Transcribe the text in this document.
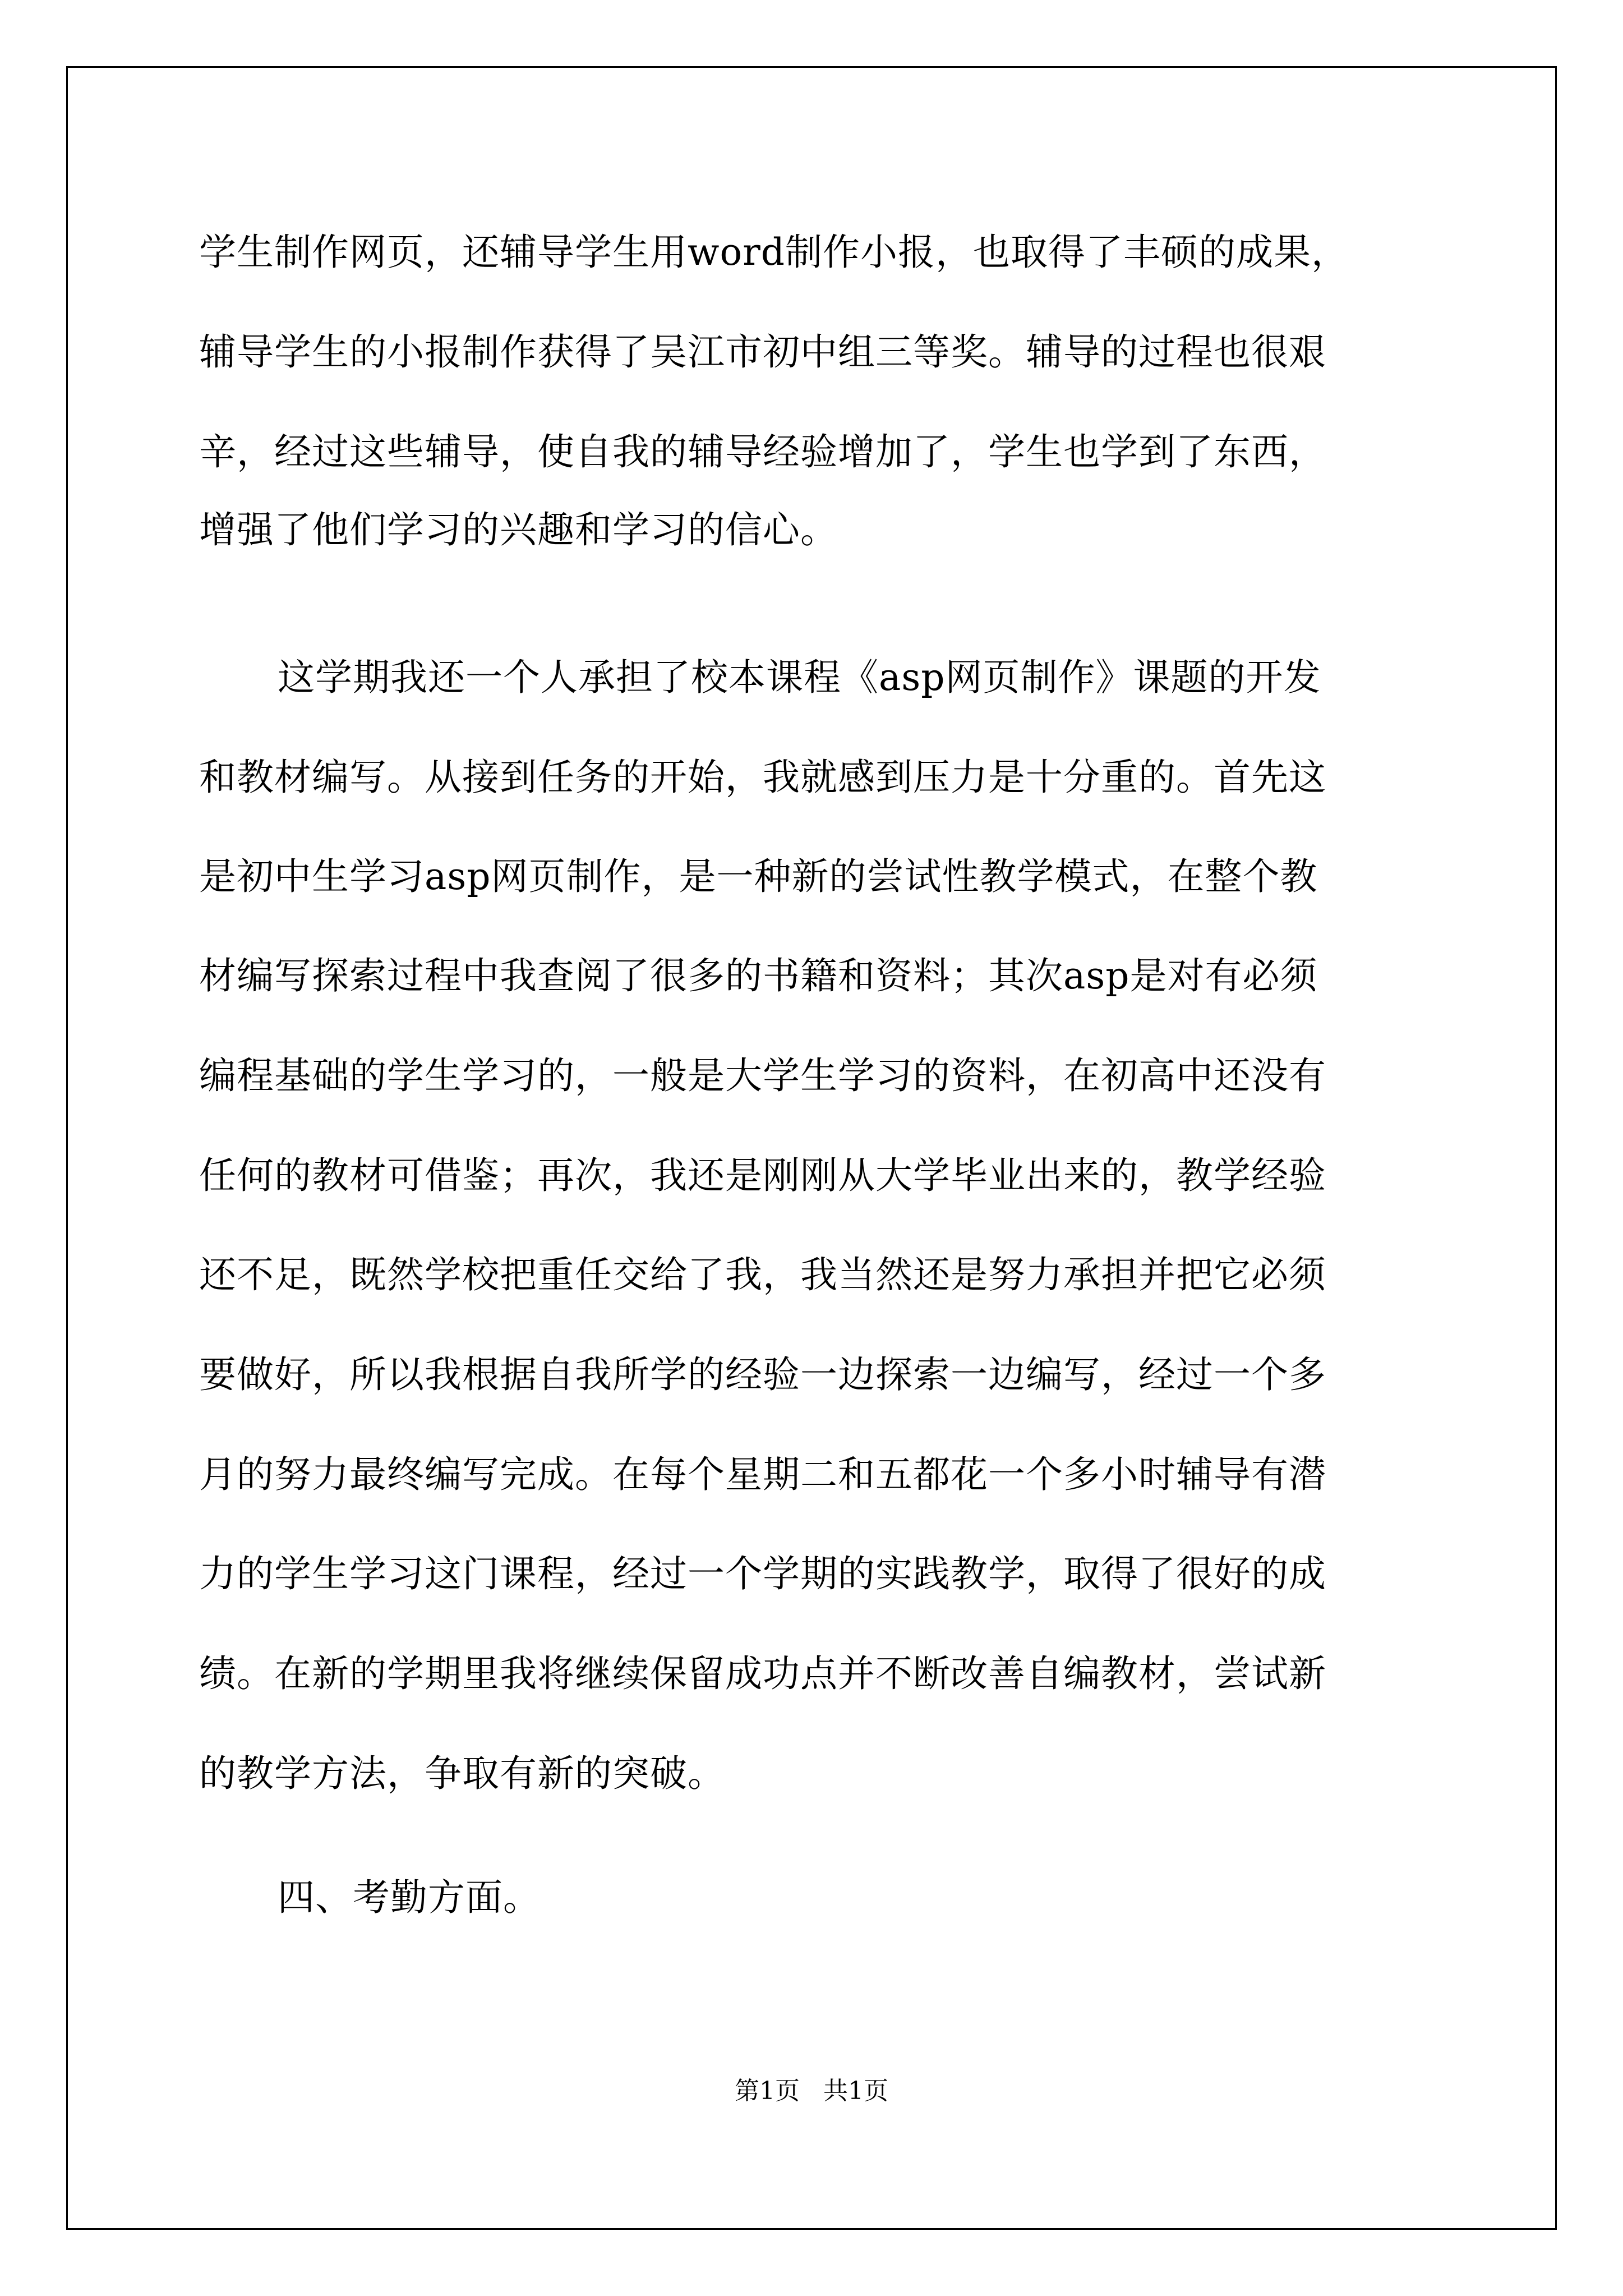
学生制作网页，还辅导学生用word制作小报，也取得了丰硕的成果，
辅导学生的小报制作获得了吴江市初中组三等奖。辅导的过程也很艰
辛，经过这些辅导，使自我的辅导经验增加了，学生也学到了东西，
增强了他们学习的兴趣和学习的信心。
这学期我还一个人承担了校本课程《asp网页制作》课题的开发
和教材编写。从接到任务的开始，我就感到压力是十分重的。首先这
是初中生学习asp网页制作，是一种新的尝试性教学模式，在整个教
材编写探索过程中我查阅了很多的书籍和资料；其次asp是对有必须
编程基础的学生学习的，一般是大学生学习的资料，在初高中还没有
任何的教材可借鉴；再次，我还是刚刚从大学毕业出来的，教学经验
还不足，既然学校把重任交给了我，我当然还是努力承担并把它必须
要做好，所以我根据自我所学的经验一边探索一边编写，经过一个多
月的努力最终编写完成。在每个星期二和五都花一个多小时辅导有潜
力的学生学习这门课程，经过一个学期的实践教学，取得了很好的成
绩。在新的学期里我将继续保留成功点并不断改善自编教材，尝试新
的教学方法，争取有新的突破。
四、考勤方面。
第1页   共1页
